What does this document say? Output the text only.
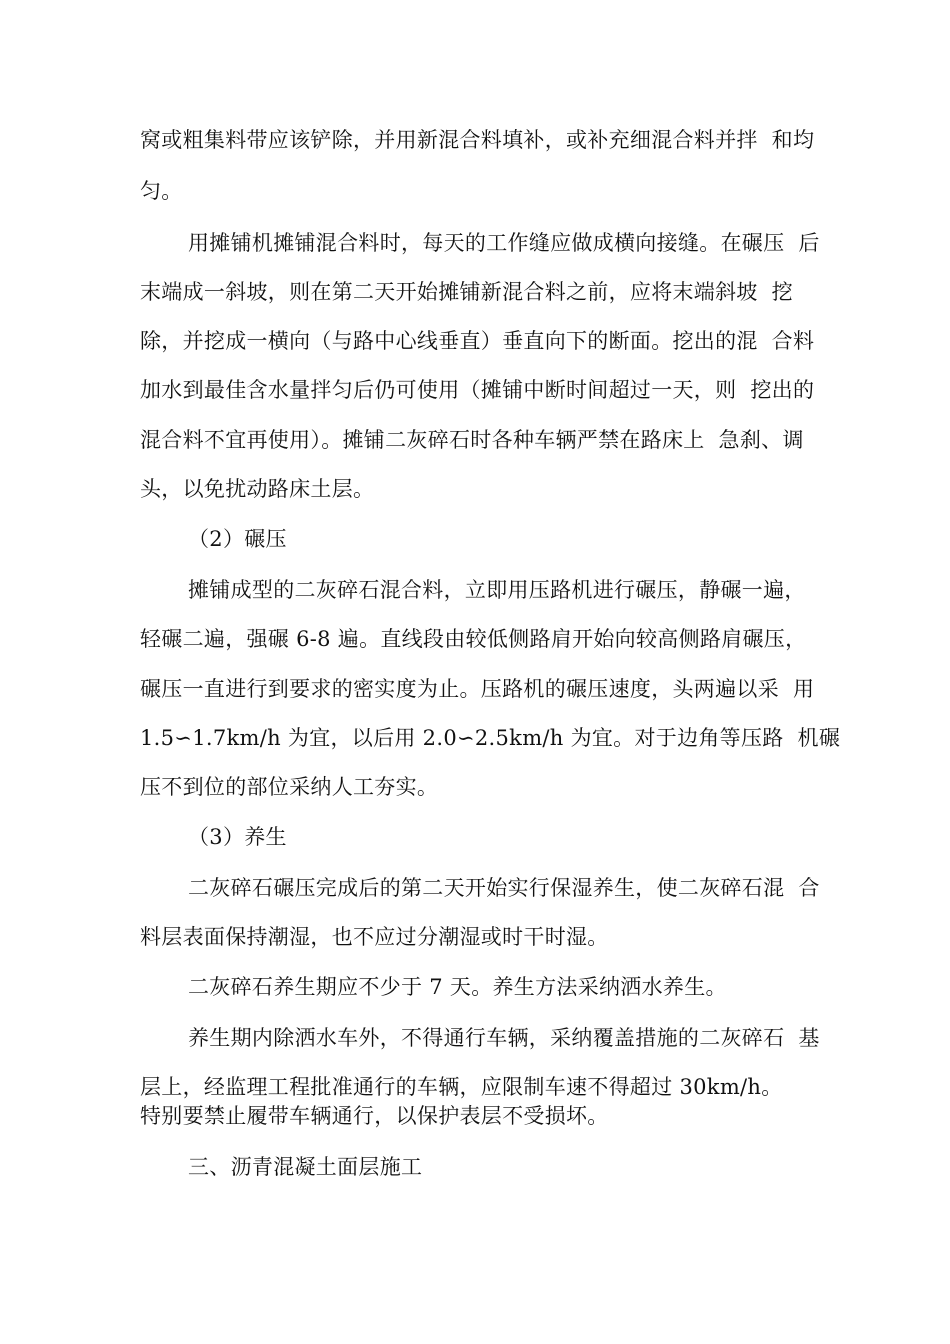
窝或粗集料带应该铲除，并用新混合料填补，或补充细混合料并拌  和均
匀。
用摊铺机摊铺混合料时，每天的工作缝应做成横向接缝。在碾压  后
末端成一斜坡，则在第二天开始摊铺新混合料之前，应将末端斜坡  挖
除，并挖成一横向（与路中心线垂直）垂直向下的断面。挖出的混  合料
加水到最佳含水量拌匀后仍可使用（摊铺中断时间超过一天，则  挖出的
混合料不宜再使用）。摊铺二灰碎石时各种车辆严禁在路床上  急刹、调
头，以免扰动路床土层。
（2）碾压
摊铺成型的二灰碎石混合料，立即用压路机进行碾压，静碾一遍，
轻碾二遍，强碾 6-8 遍。直线段由较低侧路肩开始向较高侧路肩碾压，
碾压一直进行到要求的密实度为止。压路机的碾压速度，头两遍以采  用
1.5∽1.7km/h 为宜，以后用 2.0∽2.5km/h 为宜。对于边角等压路  机碾
压不到位的部位采纳人工夯实。
（3）养生
二灰碎石碾压完成后的第二天开始实行保湿养生，使二灰碎石混  合
料层表面保持潮湿，也不应过分潮湿或时干时湿。
二灰碎石养生期应不少于 7 天。养生方法采纳洒水养生。
养生期内除洒水车外，不得通行车辆，采纳覆盖措施的二灰碎石  基
层上，经监理工程批准通行的车辆，应限制车速不得超过 30km/h。
特别要禁止履带车辆通行，以保护表层不受损坏。
三、沥青混凝土面层施工
